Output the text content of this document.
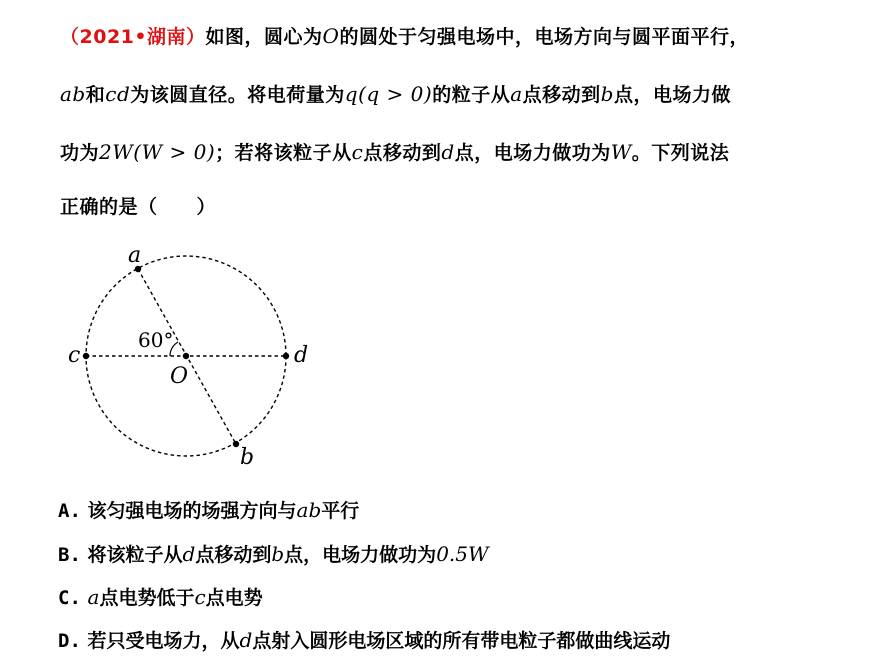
（2021•湖南）如图，圆心为O的圆处于匀强电场中，电场方向与圆平面平行，
ab和cd为该圆直径。将电荷量为q(q > 0)的粒子从a点移动到b点，电场力做
功为2W(W > 0)；若将该粒子从c点移动到d点，电场力做功为W。下列说法
正确的是（　　）
a
b
c	d
O
60°
A. 该匀强电场的场强方向与ab平行
B. 将该粒子从d点移动到b点，电场力做功为0.5W
C. a点电势低于c点电势
D. 若只受电场力，从d点射入圆形电场区域的所有带电粒子都做曲线运动
